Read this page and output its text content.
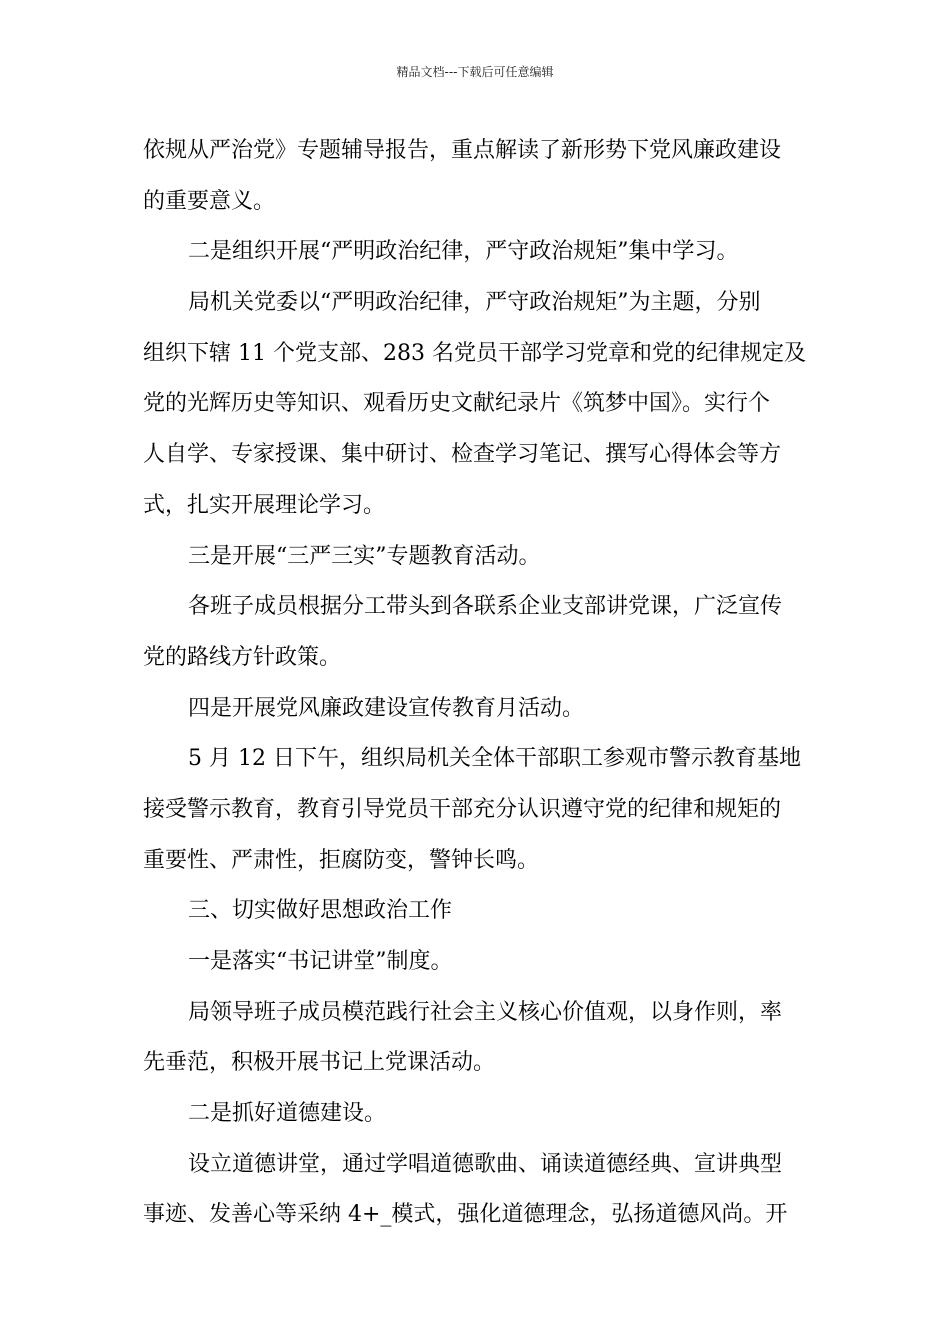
精品文档---下载后可任意编辑
依规从严治党》专题辅导报告，重点解读了新形势下党风廉政建设
的重要意义。
二是组织开展“严明政治纪律，严守政治规矩”集中学习。
局机关党委以“严明政治纪律，严守政治规矩”为主题，分别
组织下辖 11 个党支部、283 名党员干部学习党章和党的纪律规定及
党的光辉历史等知识、观看历史文献纪录片《筑梦中国》。实行个
人自学、专家授课、集中研讨、检查学习笔记、撰写心得体会等方
式，扎实开展理论学习。
三是开展“三严三实”专题教育活动。
各班子成员根据分工带头到各联系企业支部讲党课，广泛宣传
党的路线方针政策。
四是开展党风廉政建设宣传教育月活动。
5 月 12 日下午，组织局机关全体干部职工参观市警示教育基地
接受警示教育，教育引导党员干部充分认识遵守党的纪律和规矩的
重要性、严肃性，拒腐防变，警钟长鸣。
三、切实做好思想政治工作
一是落实“书记讲堂”制度。
局领导班子成员模范践行社会主义核心价值观，以身作则，率
先垂范，积极开展书记上党课活动。
二是抓好道德建设。
设立道德讲堂，通过学唱道德歌曲、诵读道德经典、宣讲典型
事迹、发善心等采纳 4+_模式，强化道德理念，弘扬道德风尚。开
